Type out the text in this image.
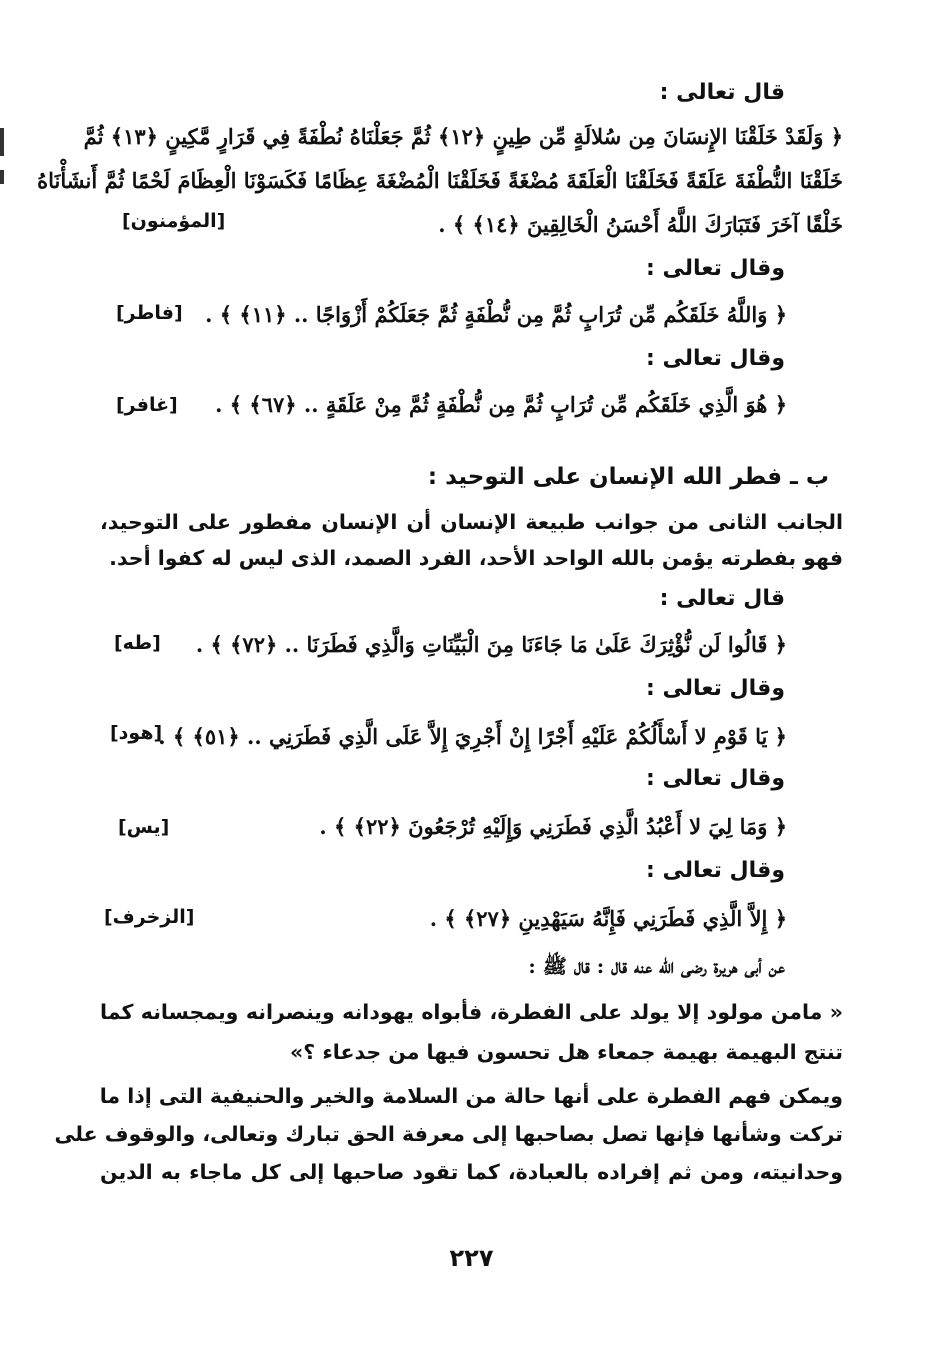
قال تعالى :
﴿ وَلَقَدْ خَلَقْنَا الإِنسَانَ مِن سُلالَةٍ مِّن طِينٍ ﴿١٢﴾ ثُمَّ جَعَلْنَاهُ نُطْفَةً فِي قَرَارٍ مَّكِينٍ ﴿١٣﴾ ثُمَّ
خَلَقْنَا النُّطْفَةَ عَلَقَةً فَخَلَقْنَا الْعَلَقَةَ مُضْغَةً فَخَلَقْنَا الْمُضْغَةَ عِظَامًا فَكَسَوْنَا الْعِظَامَ لَحْمًا ثُمَّ أَنشَأْنَاهُ
خَلْقًا آخَرَ فَتَبَارَكَ اللَّهُ أَحْسَنُ الْخَالِقِينَ ﴿١٤﴾ ﴾ .
[المؤمنون]
وقال تعالى :
﴿ وَاللَّهُ خَلَقَكُم مِّن تُرَابٍ ثُمَّ مِن نُّطْفَةٍ ثُمَّ جَعَلَكُمْ أَزْوَاجًا .. ﴿١١﴾ ﴾ .
[فاطر]
وقال تعالى :
﴿ هُوَ الَّذِي خَلَقَكُم مِّن تُرَابٍ ثُمَّ مِن نُّطْفَةٍ ثُمَّ مِنْ عَلَقَةٍ .. ﴿٦٧﴾ ﴾ .
[غافر]
ب ـ فطر الله الإنسان على التوحيد :
الجانب الثانى من جوانب طبيعة الإنسان أن الإنسان مفطور على التوحيد،
فهو بفطرته يؤمن بالله الواحد الأحد، الفرد الصمد، الذى ليس له كفوا أحد.
قال تعالى :
﴿ قَالُوا لَن نُّؤْثِرَكَ عَلَىٰ مَا جَاءَنَا مِنَ الْبَيِّنَاتِ وَالَّذِي فَطَرَنَا .. ﴿٧٢﴾ ﴾ .
[طه]
وقال تعالى :
﴿ يَا قَوْمِ لا أَسْأَلُكُمْ عَلَيْهِ أَجْرًا إِنْ أَجْرِيَ إِلاَّ عَلَى الَّذِي فَطَرَنِي .. ﴿٥١﴾ ﴾ .
[هود]
وقال تعالى :
﴿ وَمَا لِيَ لا أَعْبُدُ الَّذِي فَطَرَنِي وَإِلَيْهِ تُرْجَعُونَ ﴿٢٢﴾ ﴾ .
[يس]
وقال تعالى :
﴿ إِلاَّ الَّذِي فَطَرَنِي فَإِنَّهُ سَيَهْدِينِ ﴿٢٧﴾ ﴾ .
[الزخرف]
عن أبى هريرة رضى الله عنه قال : قال ﷺ :
« مامن مولود إلا يولد على الفطرة، فأبواه يهودانه وينصرانه ويمجسانه كما
تنتج البهيمة بهيمة جمعاء هل تحسون فيها من جدعاء ؟»
ويمكن فهم الفطرة على أنها حالة من السلامة والخير والحنيفية التى إذا ما
تركت وشأنها فإنها تصل بصاحبها إلى معرفة الحق تبارك وتعالى، والوقوف على
وحدانيته، ومن ثم إفراده بالعبادة، كما تقود صاحبها إلى كل ماجاء به الدين
٢٢٧
